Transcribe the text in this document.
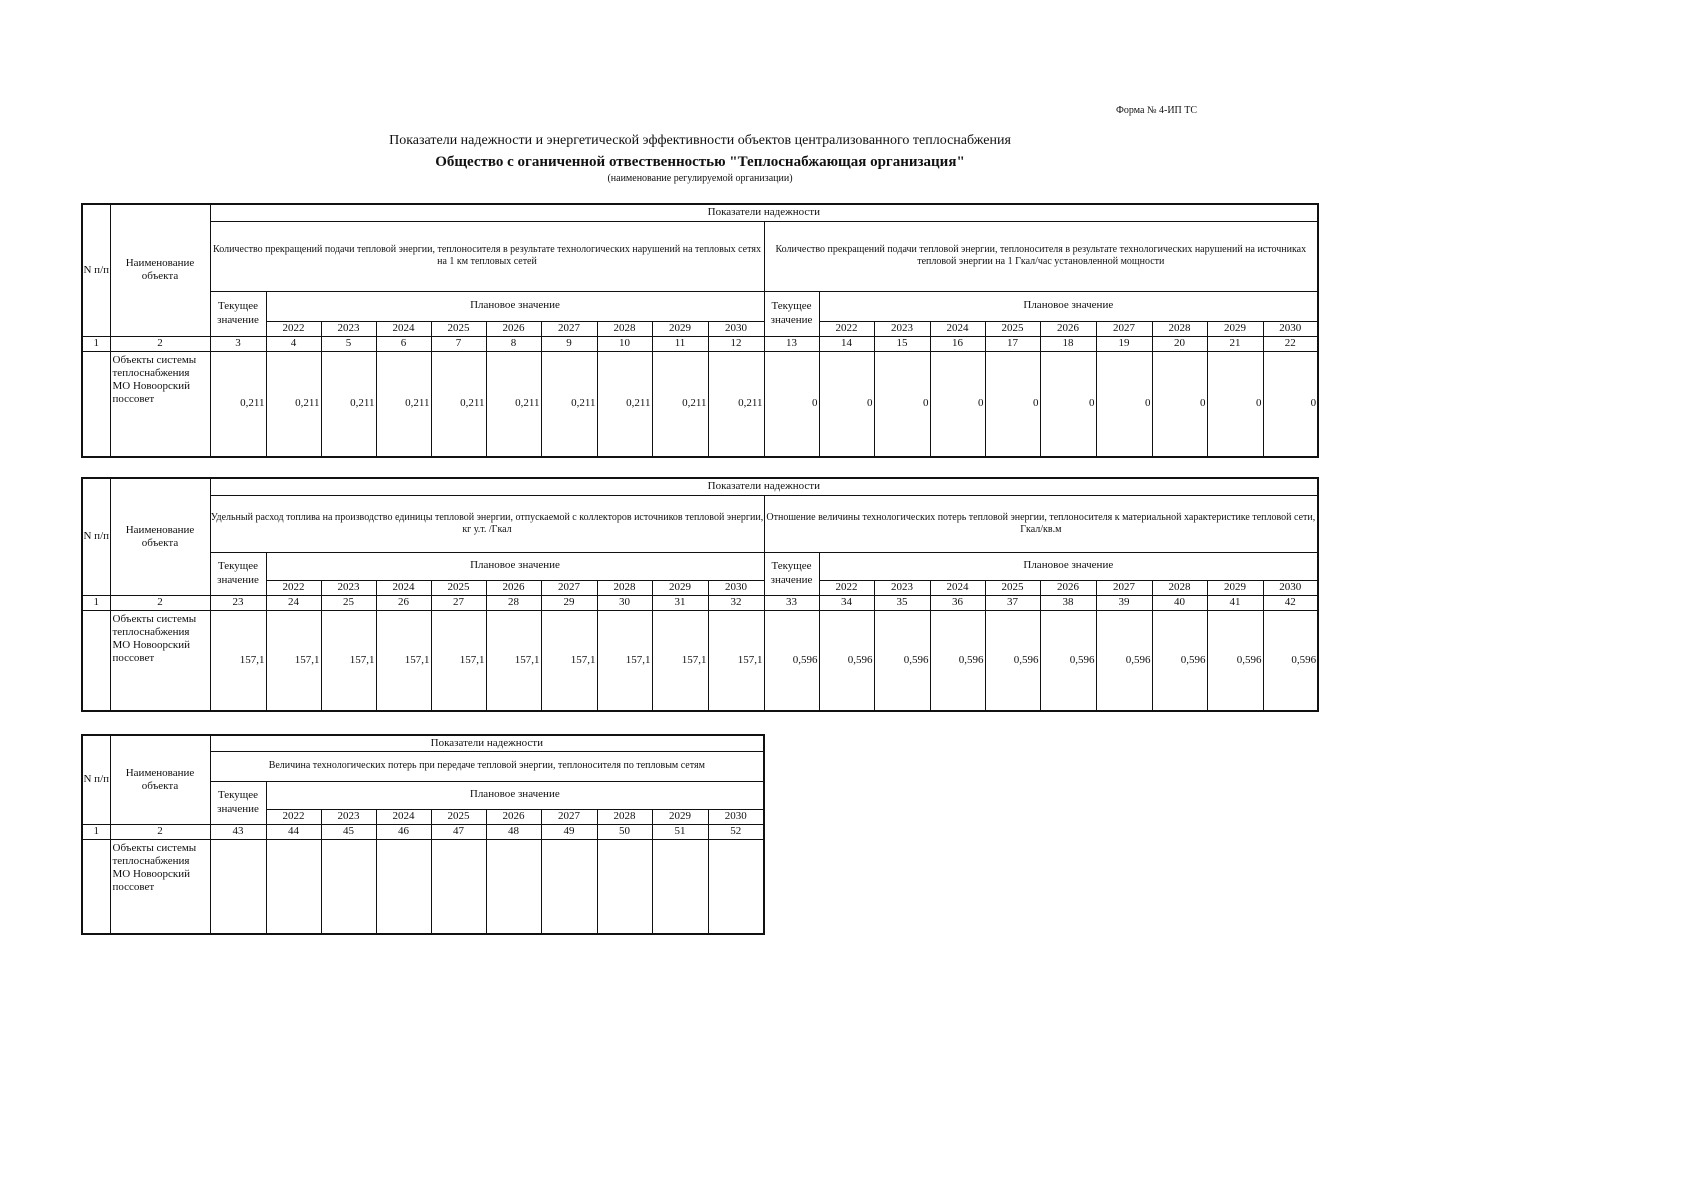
Форма № 4-ИП ТС
Показатели надежности и энергетической эффективности объектов централизованного теплоснабжения
Общество с оганиченной отвественностью "Теплоснабжающая организация"
(наименование регулируемой организации)
N п/п	Наименование объекта	Показатели надежности																			
		Количество прекращений подачи тепловой энергии, теплоносителя в результате технологических нарушений на тепловых сетях на 1 км тепловых сетей										Количество прекращений подачи тепловой энергии, теплоносителя в результате технологических нарушений на источниках тепловой энергии на 1 Гкал/час установленной мощности									
		Текущее значение	Плановое значение									Текущее значение	Плановое значение								
			2022	2023	2024	2025	2026	2027	2028	2029	2030		2022	2023	2024	2025	2026	2027	2028	2029	2030
1	2	3	4	5	6	7	8	9	10	11	12	13	14	15	16	17	18	19	20	21	22
	Объекты системы теплоснабжения МО Новоорский поссовет	0,211	0,211	0,211	0,211	0,211	0,211	0,211	0,211	0,211	0,211	0	0	0	0	0	0	0	0	0	0
N п/п	Наименование объекта	Показатели надежности																			
		Удельный расход топлива на производство единицы тепловой энергии, отпускаемой с коллекторов источников тепловой энергии, кг у.т. /Гкал										Отношение величины технологических потерь тепловой энергии, теплоносителя к материальной характеристике тепловой сети, Гкал/кв.м									
		Текущее значение	Плановое значение									Текущее значение	Плановое значение								
			2022	2023	2024	2025	2026	2027	2028	2029	2030		2022	2023	2024	2025	2026	2027	2028	2029	2030
1	2	23	24	25	26	27	28	29	30	31	32	33	34	35	36	37	38	39	40	41	42
	Объекты системы теплоснабжения МО Новоорский поссовет	157,1	157,1	157,1	157,1	157,1	157,1	157,1	157,1	157,1	157,1	0,596	0,596	0,596	0,596	0,596	0,596	0,596	0,596	0,596	0,596
N п/п	Наименование объекта	Показатели надежности									
		Величина технологических потерь при передаче тепловой энергии, теплоносителя по тепловым сетям									
		Текущее значение	Плановое значение								
			2022	2023	2024	2025	2026	2027	2028	2029	2030
1	2	43	44	45	46	47	48	49	50	51	52
	Объекты системы теплоснабжения МО Новоорский поссовет										
